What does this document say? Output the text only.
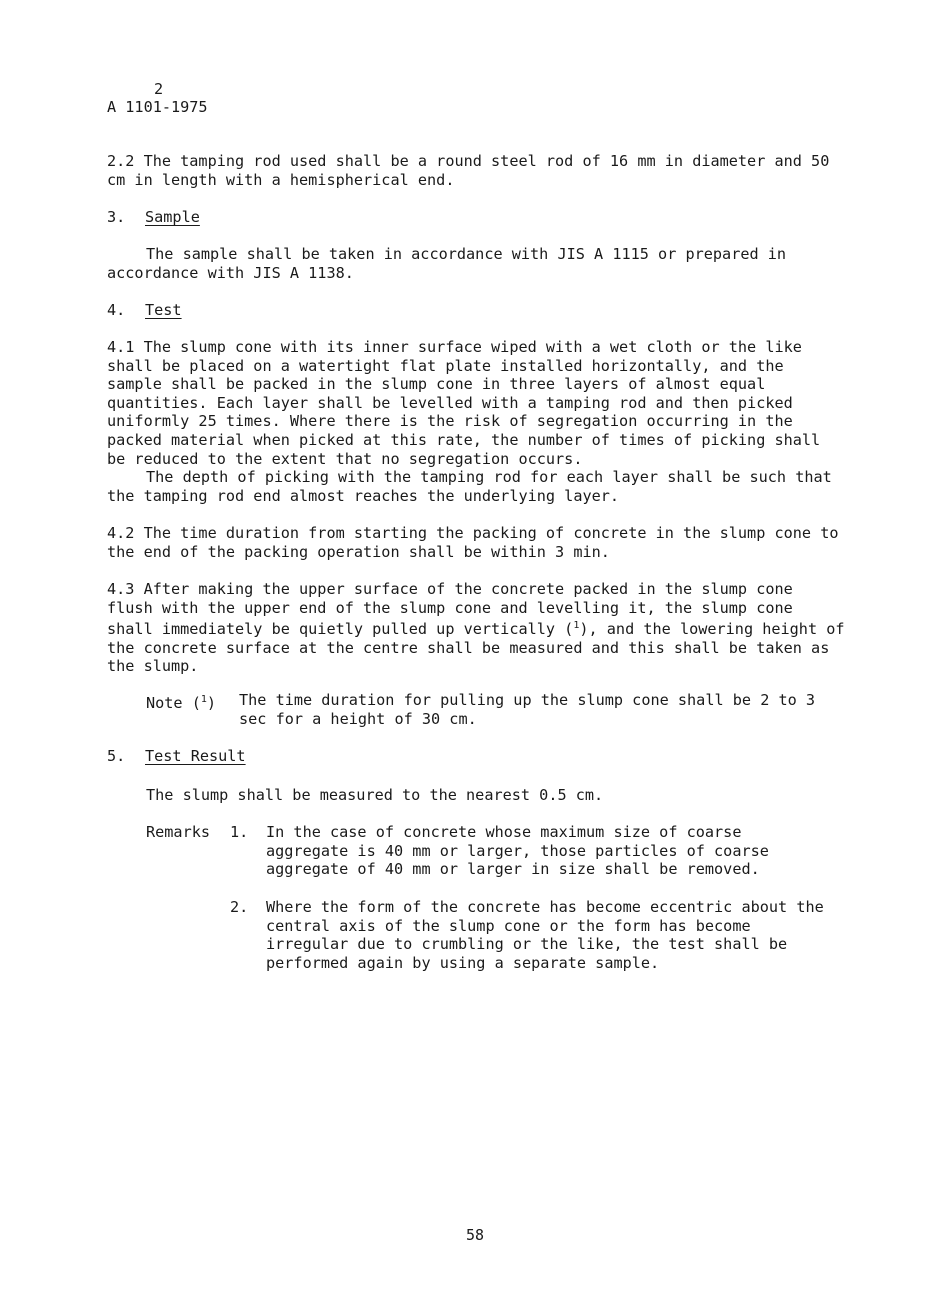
2
A 1101-1975

2.2 The tamping rod used shall be a round steel rod of 16 mm in diameter and 50 cm in length with a hemispherical end.

3. Sample

The sample shall be taken in accordance with JIS A 1115 or prepared in accordance with JIS A 1138.

4. Test

4.1 The slump cone with its inner surface wiped with a wet cloth or the like shall be placed on a watertight flat plate installed horizontally, and the sample shall be packed in the slump cone in three layers of almost equal quantities. Each layer shall be levelled with a tamping rod and then picked uniformly 25 times. Where there is the risk of segregation occurring in the packed material when picked at this rate, the number of times of picking shall be reduced to the extent that no segregation occurs.

The depth of picking with the tamping rod for each layer shall be such that the tamping rod end almost reaches the underlying layer.

4.2 The time duration from starting the packing of concrete in the slump cone to the end of the packing operation shall be within 3 min.

4.3 After making the upper surface of the concrete packed in the slump cone flush with the upper end of the slump cone and levelling it, the slump cone shall immediately be quietly pulled up vertically ($^1$), and the lowering height of the concrete surface at the centre shall be measured and this shall be taken as the slump.

Note ($^1$) The time duration for pulling up the slump cone shall be 2 to 3 sec for a height of 30 cm.
5. Test Result

The slump shall be measured to the nearest 0.5 cm.

Remarks 1. In the case of concrete whose maximum size of coarse aggregate is 40 mm or larger, those particles of coarse aggregate of 40 mm or larger in size shall be removed.
2. Where the form of the concrete has become eccentric about the central axis of the slump cone or the form has become irregular due to crumbling or the like, the test shall be performed again by using a separate sample.
58
